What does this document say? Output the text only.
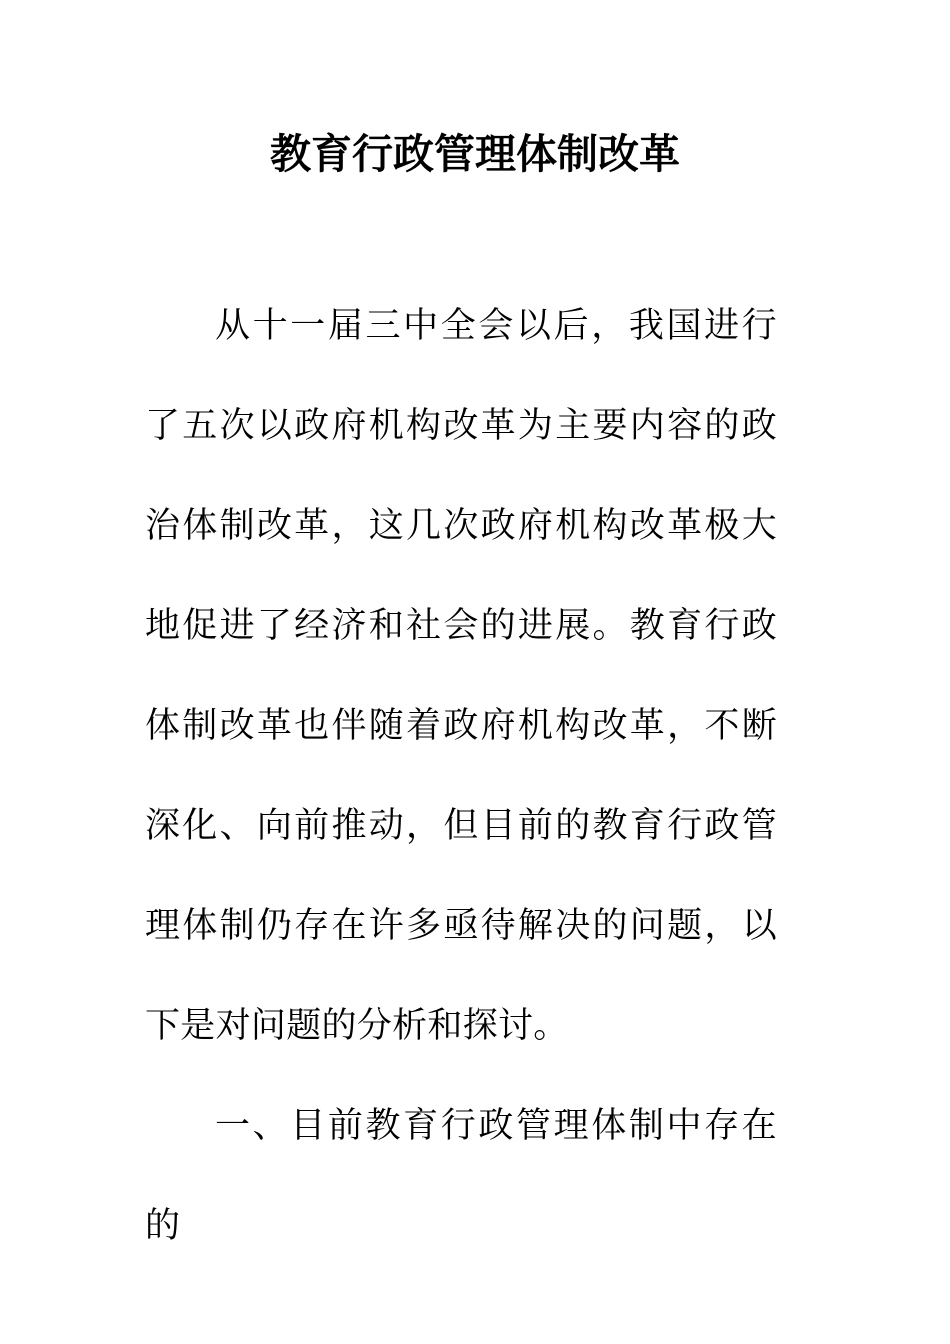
教育行政管理体制改革

从十一届三中全会以后，我国进行了五次以政府机构改革为主要内容的政治体制改革，这几次政府机构改革极大地促进了经济和社会的进展。教育行政体制改革也伴随着政府机构改革，不断深化、向前推动，但目前的教育行政管理体制仍存在许多亟待解决的问题，以下是对问题的分析和探讨。

一、目前教育行政管理体制中存在的
